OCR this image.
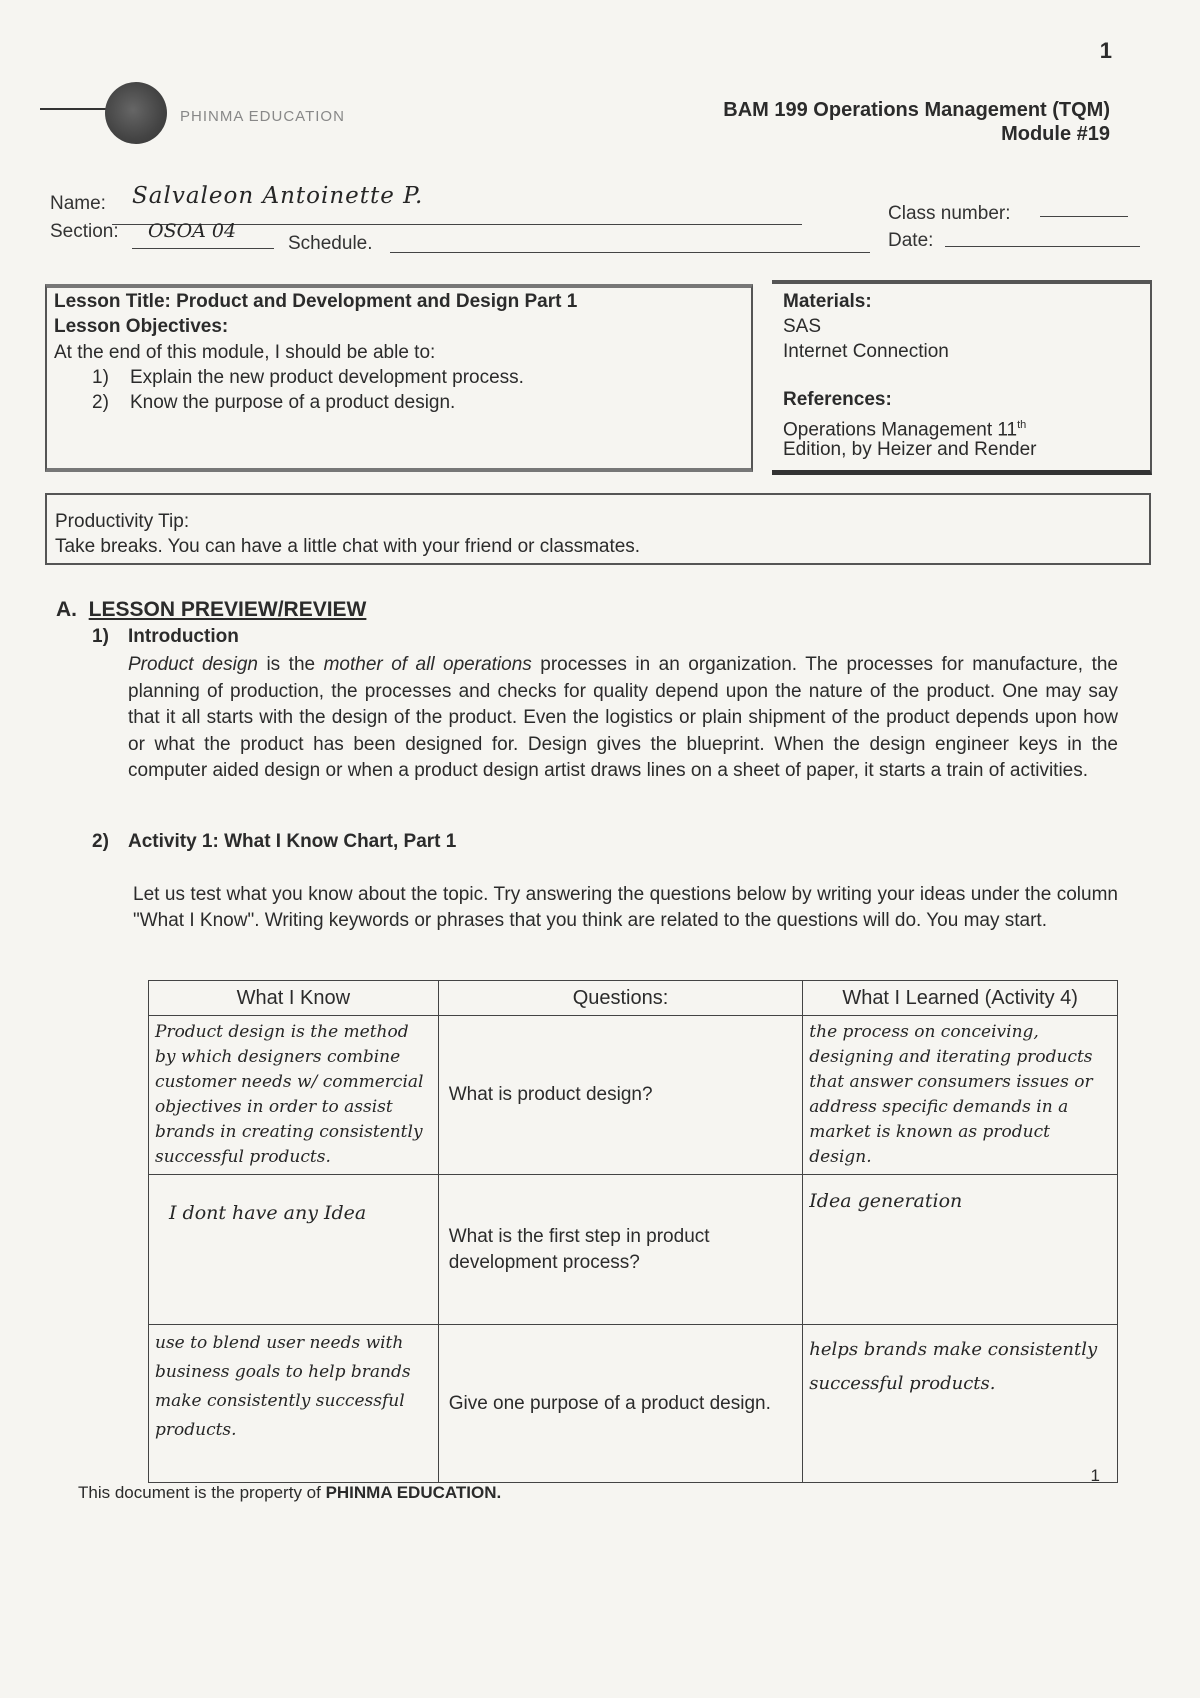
1
PHINMA EDUCATION	BAM 199 Operations Management (TQM)
Module #19
Name: Salvaleon Antoinette P.
Section: OSOA 04
Schedule.
Class number:
Date:
Lesson Title: Product and Development and Design Part 1
Lesson Objectives:
At the end of this module, I should be able to:
1) Explain the new product development process.
2) Know the purpose of a product design.
Materials:
SAS
Internet Connection
References:
Operations Management 11th
Edition, by Heizer and Render
Productivity Tip:
Take breaks. You can have a little chat with your friend or classmates.
A. LESSON PREVIEW/REVIEW
1) Introduction
Product design is the mother of all operations processes in an organization. The processes for manufacture, the planning of production, the processes and checks for quality depend upon the nature of the product. One may say that it all starts with the design of the product. Even the logistics or plain shipment of the product depends upon how or what the product has been designed for. Design gives the blueprint. When the design engineer keys in the computer aided design or when a product design artist draws lines on a sheet of paper, it starts a train of activities.
2) Activity 1: What I Know Chart, Part 1
Let us test what you know about the topic. Try answering the questions below by writing your ideas under the column "What I Know". Writing keywords or phrases that you think are related to the questions will do. You may start.
What I Know	Questions:	What I Learned (Activity 4)
Product design is the method by which designers combine customer needs w/ commercial objectives in order to assist brands in creating consistently successful products.	What is product design?	the process on conceiving, designing and iterating products that answer consumers issues or address specific demands in a market is known as product design.
I dont have any Idea	What is the first step in product development process?	Idea generation
use to blend user needs with business goals to help brands make consistently successful products.	Give one purpose of a product design.	helps brands make consistently successful products.
This document is the property of PHINMA EDUCATION.
1
